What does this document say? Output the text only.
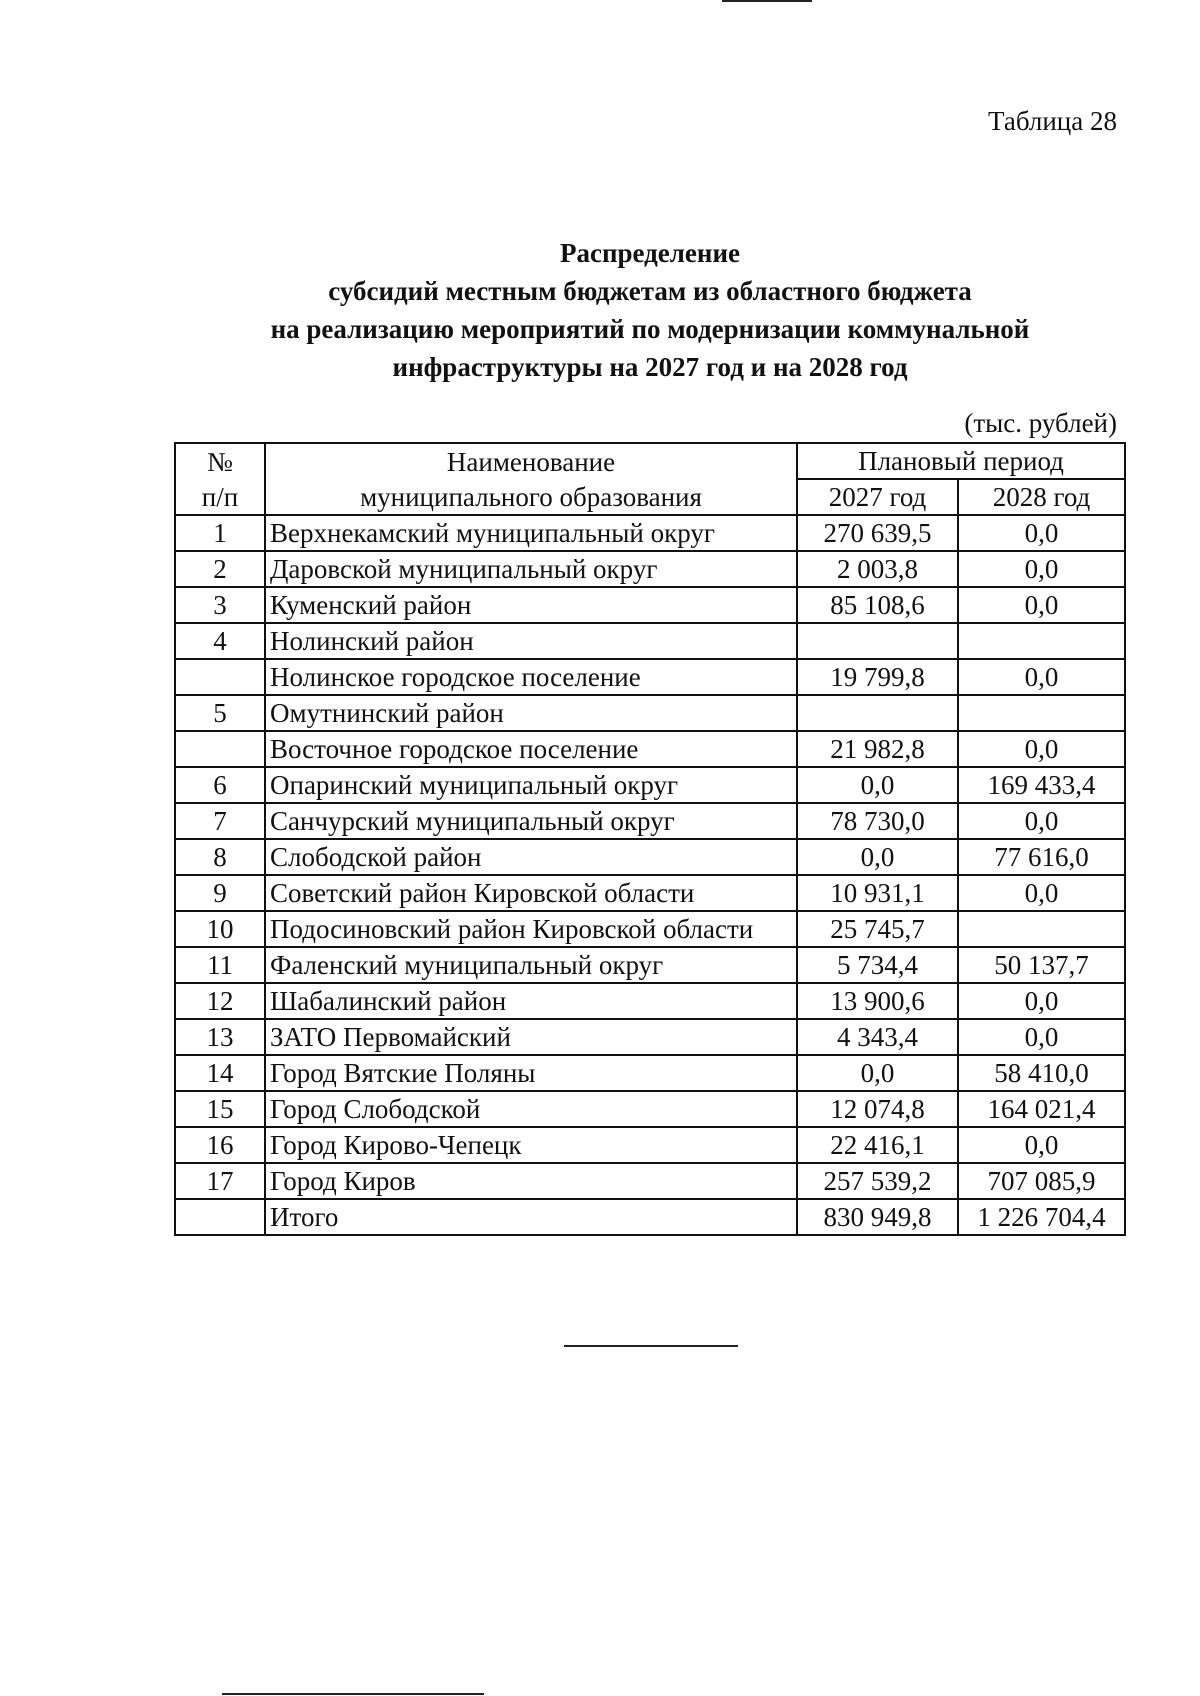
Таблица 28
Распределение
субсидий местным бюджетам из областного бюджета
на реализацию мероприятий по модернизации коммунальной
инфраструктуры на 2027 год и на 2028 год
(тыс. рублей)
№	Наименование	Плановый период	
п/п	муниципального образования	2027 год	2028 год
1	Верхнекамский муниципальный округ	270 639,5	0,0
2	Даровской муниципальный округ	2 003,8	0,0
3	Куменский район	85 108,6	0,0
4	Нолинский район		
	Нолинское городское поселение	19 799,8	0,0
5	Омутнинский район		
	Восточное городское поселение	21 982,8	0,0
6	Опаринский муниципальный округ	0,0	169 433,4
7	Санчурский муниципальный округ	78 730,0	0,0
8	Слободской район	0,0	77 616,0
9	Советский район Кировской области	10 931,1	0,0
10	Подосиновский район Кировской области	25 745,7	
11	Фаленский муниципальный округ	5 734,4	50 137,7
12	Шабалинский район	13 900,6	0,0
13	ЗАТО Первомайский	4 343,4	0,0
14	Город Вятские Поляны	0,0	58 410,0
15	Город Слободской	12 074,8	164 021,4
16	Город Кирово-Чепецк	22 416,1	0,0
17	Город Киров	257 539,2	707 085,9
	Итого	830 949,8	1 226 704,4
